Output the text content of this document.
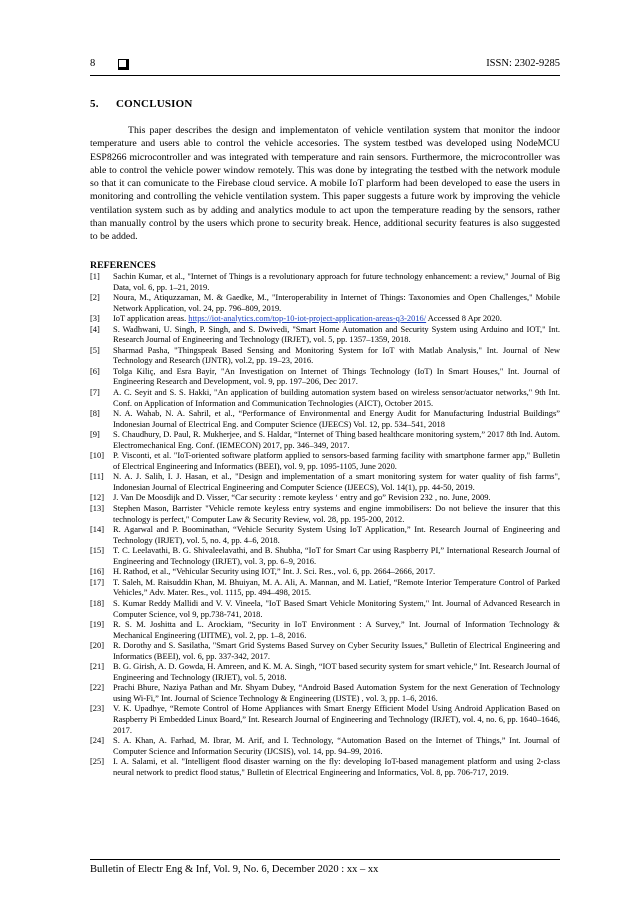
8	ISSN: 2302-9285
5. CONCLUSION

This paper describes the design and implementaton of vehicle ventilation system that monitor the indoor temperature and users able to control the vehicle accesories. The system testbed was developed using NodeMCU ESP8266 microcontroller and was integrated with temperature and rain sensors. Furthermore, the microcontroller was able to control the vehicle power window remotely. This was done by integrating the testbed with the network module so that it can comunicate to the Firebase cloud service. A mobile IoT plarform had been developed to ease the users in monitoring and controlling the vehicle ventilation system. This paper suggests a future work by improving the vehicle ventilation system such as by adding and analytics module to act upon the temperature reading by the sensors, rather than manually control by the users which prone to security break. Hence, additional security features is also suggested to be added.

REFERENCES
[1] Sachin Kumar, et al., "Internet of Things is a revolutionary approach for future technology enhancement: a review," Journal of Big Data, vol. 6, pp. 1–21, 2019.
[2] Noura, M., Atiquzzaman, M. & Gaedke, M., "Interoperability in Internet of Things: Taxonomies and Open Challenges," Mobile Network Application, vol. 24, pp. 796–809, 2019.
[3] IoT application areas. https://iot-analytics.com/top-10-iot-project-application-areas-q3-2016/ Accessed 8 Apr 2020.
[4] S. Wadhwani, U. Singh, P. Singh, and S. Dwivedi, "Smart Home Automation and Security System using Arduino and IOT," Int. Research Journal of Engineering and Technology (IRJET), vol. 5, pp. 1357–1359, 2018.
[5] Sharmad Pasha, "Thingspeak Based Sensing and Monitoring System for IoT with Matlab Analysis," Int. Journal of New Technology and Research (IJNTR), vol.2, pp. 19–23, 2016.
[6] Tolga Kiliç, and Esra Bayir, "An Investigation on Internet of Things Technology (IoT) In Smart Houses," Int. Journal of Engineering Research and Development, vol. 9, pp. 197–206, Dec 2017.
[7] A. C. Seyit and S. S. Hakki, "An application of building automation system based on wireless sensor/actuator networks," 9th Int. Conf. on Application of Information and Communication Technologies (AICT), October 2015.
[8] N. A. Wahab, N. A. Sahril, et al., “Performance of Environmental and Energy Audit for Manufacturing Industrial Buildings” Indonesian Journal of Electrical Eng. and Computer Science (IJEECS) Vol. 12, pp. 534–541, 2018
[9] S. Chaudhury, D. Paul, R. Mukherjee, and S. Haldar, “Internet of Thing based healthcare monitoring system,” 2017 8th Ind. Autom. Electromechanical Eng. Conf. (IEMECON) 2017, pp. 346–349, 2017.
[10] P. Visconti, et al. "IoT-oriented software platform applied to sensors-based farming facility with smartphone farmer app," Bulletin of Electrical Engineering and Informatics (BEEI), vol. 9, pp. 1095-1105, June 2020.
[11] N. A. J. Salih, I. J. Hasan, et al., "Design and implementation of a smart monitoring system for water quality of fish farms", Indonesian Journal of Electrical Engineering and Computer Science (IJEECS), Vol. 14(1), pp. 44-50, 2019.
[12] J. Van De Moosdijk and D. Visser, “Car security : remote keyless ‘ entry and go” Revision 232 , no. June, 2009.
[13] Stephen Mason, Barrister "Vehicle remote keyless entry systems and engine immobilisers: Do not believe the insurer that this technology is perfect," Computer Law & Security Review, vol. 28, pp. 195-200, 2012.
[14] R. Agarwal and P. Boominathan, “Vehicle Security System Using IoT Application,” Int. Research Journal of Engineering and Technology (IRJET), vol. 5, no. 4, pp. 4–6, 2018.
[15] T. C. Leelavathi, B. G. Shivaleelavathi, and B. Shubha, “IoT for Smart Car using Raspberry PI,” International Research Journal of Engineering and Technology (IRJET), vol. 3, pp. 6–9, 2016.
[16] H. Rathod, et al., “Vehicular Security using IOT,” Int. J. Sci. Res., vol. 6, pp. 2664–2666, 2017.
[17] T. Saleh, M. Raisuddin Khan, M. Bhuiyan, M. A. Ali, A. Mannan, and M. Latief, “Remote Interior Temperature Control of Parked Vehicles,” Adv. Mater. Res., vol. 1115, pp. 494–498, 2015.
[18] S. Kumar Reddy Mallidi and V. V. Vineela, "IoT Based Smart Vehicle Monitoring System," Int. Journal of Advanced Research in Computer Science, vol 9, pp.738-741, 2018.
[19] R. S. M. Joshitta and L. Arockiam, “Security in IoT Environment : A Survey,” Int. Journal of Information Technology & Mechanical Engineering (IJITME), vol. 2, pp. 1–8, 2016.
[20] R. Dorothy and S. Sasilatha, "Smart Grid Systems Based Survey on Cyber Security Issues," Bulletin of Electrical Engineering and Informatics (BEEI), vol. 6, pp. 337-342, 2017.
[21] B. G. Girish, A. D. Gowda, H. Amreen, and K. M. A. Singh, “IOT based security system for smart vehicle,” Int. Research Journal of Engineering and Technology (IRJET), vol. 5, 2018.
[22] Prachi Bhure, Naziya Pathan and Mr. Shyam Dubey, “Android Based Automation System for the next Generation of Technology using Wi-Fi,” Int. Journal of Science Technology & Engineering (IJSTE) , vol. 3, pp. 1–6, 2016.
[23] V. K. Upadhye, “Remote Control of Home Appliances with Smart Energy Efficient Model Using Android Application Based on Raspberry Pi Embedded Linux Board,” Int. Research Journal of Engineering and Technology (IRJET), vol. 4, no. 6, pp. 1640–1646, 2017.
[24] S. A. Khan, A. Farhad, M. Ibrar, M. Arif, and I. Technology, “Automation Based on the Internet of Things,” Int. Journal of Computer Science and Information Security (IJCSIS), vol. 14, pp. 94–99, 2016.
[25] I. A. Salami, et al. "Intelligent flood disaster warning on the fly: developing IoT-based management platform and using 2-class neural network to predict flood status," Bulletin of Electrical Engineering and Informatics, Vol. 8, pp. 706-717, 2019.
Bulletin of Electr Eng & Inf, Vol. 9, No. 6, December 2020 : xx – xx
